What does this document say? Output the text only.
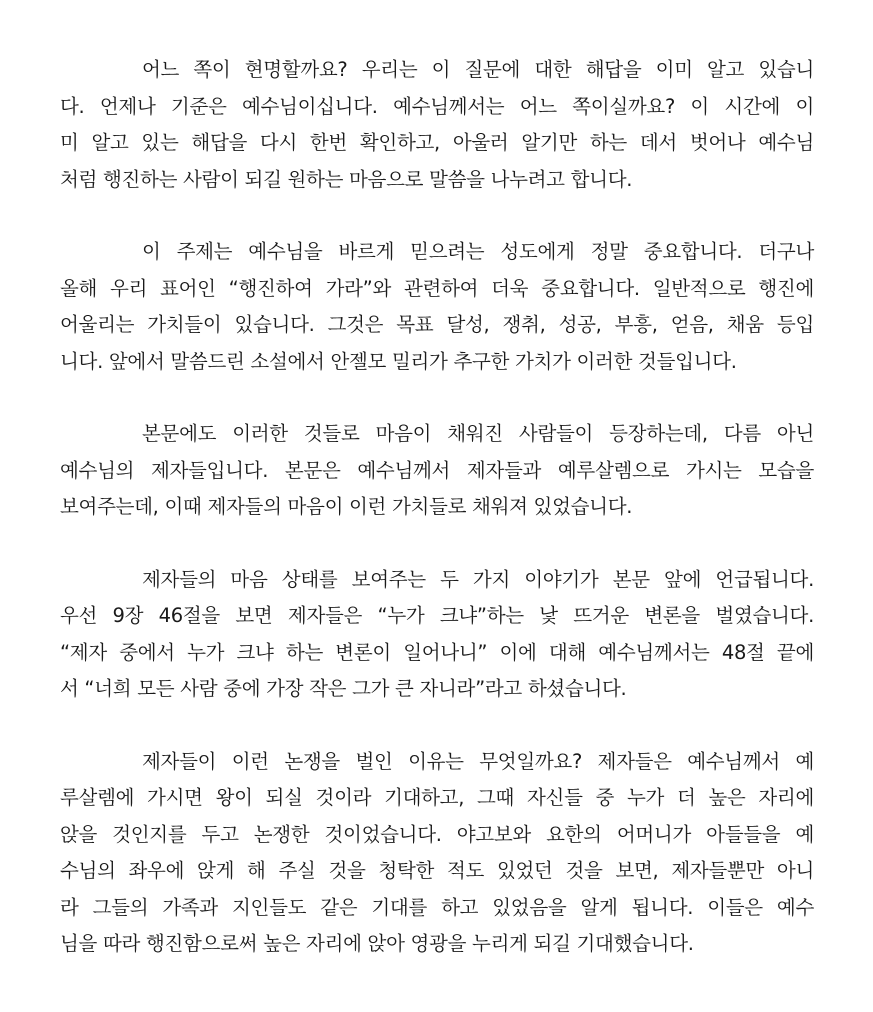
어느 쪽이 현명할까요? 우리는 이 질문에 대한 해답을 이미 알고 있습니
다. 언제나 기준은 예수님이십니다. 예수님께서는 어느 쪽이실까요? 이 시간에 이
미 알고 있는 해답을 다시 한번 확인하고, 아울러 알기만 하는 데서 벗어나 예수님
처럼 행진하는 사람이 되길 원하는 마음으로 말씀을 나누려고 합니다.
이 주제는 예수님을 바르게 믿으려는 성도에게 정말 중요합니다. 더구나
올해 우리 표어인 “행진하여 가라”와 관련하여 더욱 중요합니다. 일반적으로 행진에
어울리는 가치들이 있습니다. 그것은 목표 달성, 쟁취, 성공, 부흥, 얻음, 채움 등입
니다. 앞에서 말씀드린 소설에서 안젤모 밀리가 추구한 가치가 이러한 것들입니다.
본문에도 이러한 것들로 마음이 채워진 사람들이 등장하는데, 다름 아닌
예수님의 제자들입니다. 본문은 예수님께서 제자들과 예루살렘으로 가시는 모습을
보여주는데, 이때 제자들의 마음이 이런 가치들로 채워져 있었습니다.
제자들의 마음 상태를 보여주는 두 가지 이야기가 본문 앞에 언급됩니다.
우선 9장 46절을 보면 제자들은 “누가 크냐”하는 낯 뜨거운 변론을 벌였습니다.
“제자 중에서 누가 크냐 하는 변론이 일어나니” 이에 대해 예수님께서는 48절 끝에
서 “너희 모든 사람 중에 가장 작은 그가 큰 자니라”라고 하셨습니다.
제자들이 이런 논쟁을 벌인 이유는 무엇일까요? 제자들은 예수님께서 예
루살렘에 가시면 왕이 되실 것이라 기대하고, 그때 자신들 중 누가 더 높은 자리에
앉을 것인지를 두고 논쟁한 것이었습니다. 야고보와 요한의 어머니가 아들들을 예
수님의 좌우에 앉게 해 주실 것을 청탁한 적도 있었던 것을 보면, 제자들뿐만 아니
라 그들의 가족과 지인들도 같은 기대를 하고 있었음을 알게 됩니다. 이들은 예수
님을 따라 행진함으로써 높은 자리에 앉아 영광을 누리게 되길 기대했습니다.
